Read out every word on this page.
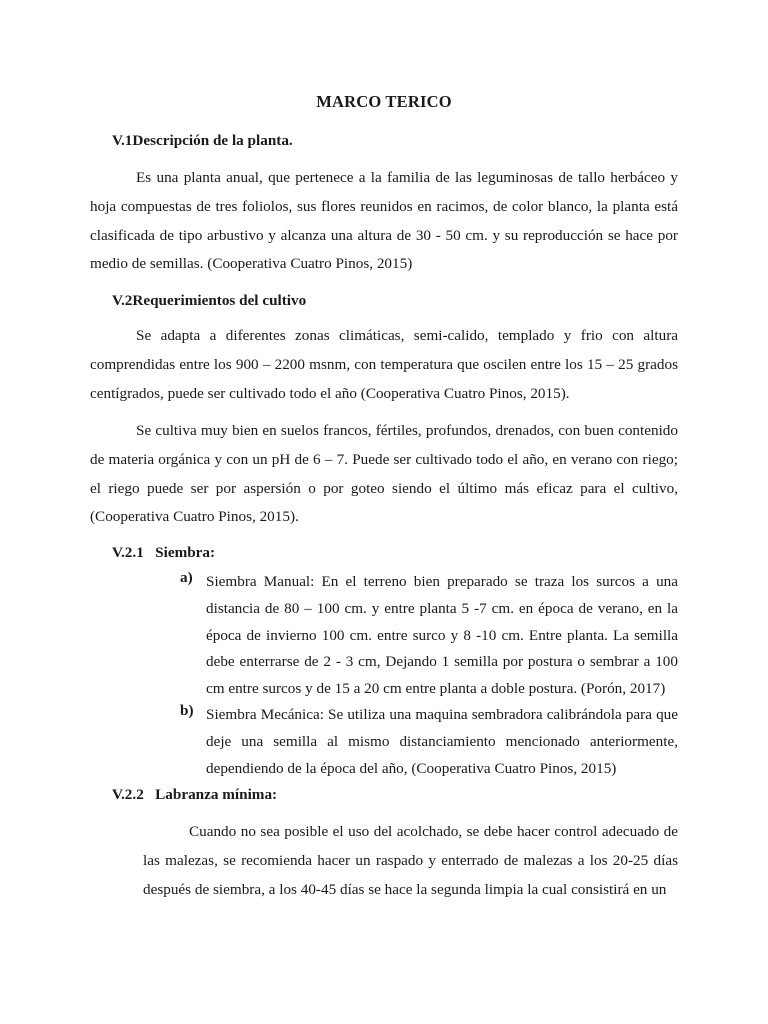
MARCO TERICO
V.1Descripción de la planta.

Es una planta anual, que pertenece a la familia de las leguminosas de tallo herbáceo y hoja compuestas de tres foliolos, sus flores reunidos en racimos, de color blanco, la planta está clasificada de tipo arbustivo y alcanza una altura de 30 - 50 cm. y su reproducción se hace por medio de semillas. (Cooperativa Cuatro Pinos, 2015)

V.2Requerimientos del cultivo

Se adapta a diferentes zonas climáticas, semi-calido, templado y frio con altura comprendidas entre los 900 – 2200 msnm, con temperatura que oscilen entre los 15 – 25 grados centígrados, puede ser cultivado todo el año (Cooperativa Cuatro Pinos, 2015).

Se cultiva muy bien en suelos francos, fértiles, profundos, drenados, con buen contenido de materia orgánica y con un pH de 6 – 7. Puede ser cultivado todo el año, en verano con riego; el riego puede ser por aspersión o por goteo siendo el último más eficaz para el cultivo, (Cooperativa Cuatro Pinos, 2015).

V.2.1   Siembra:
a) Siembra Manual: En el terreno bien preparado se traza los surcos a una distancia de 80 – 100 cm. y entre planta 5 -7 cm. en época de verano, en la época de invierno 100 cm. entre surco y 8 -10 cm. Entre planta. La semilla debe enterrarse de 2 - 3 cm, Dejando 1 semilla por postura o sembrar a 100 cm entre surcos y de 15 a 20 cm entre planta a doble postura. (Porón, 2017)
b) Siembra Mecánica: Se utiliza una maquina sembradora calibrándola para que deje una semilla al mismo distanciamiento mencionado anteriormente, dependiendo de la época del año, (Cooperativa Cuatro Pinos, 2015)
V.2.2   Labranza mínima:

Cuando no sea posible el uso del acolchado, se debe hacer control adecuado de las malezas, se recomienda hacer un raspado y enterrado de malezas a los 20-25 días después de siembra, a los 40-45 días se hace la segunda limpia la cual consistirá en un
